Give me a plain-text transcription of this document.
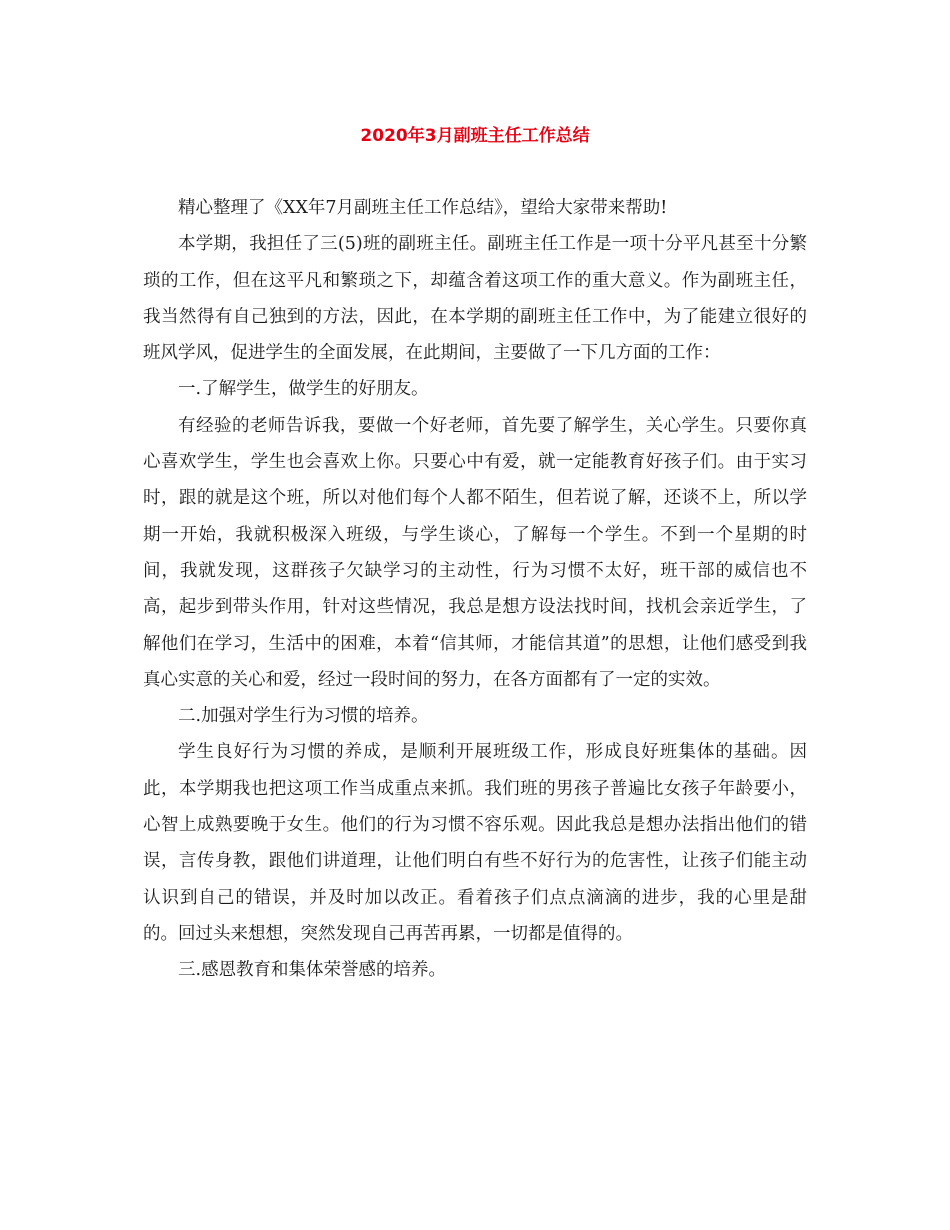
2020年3月副班主任工作总结

精心整理了《XX年7月副班主任工作总结》，望给大家带来帮助!

本学期，我担任了三(5)班的副班主任。副班主任工作是一项十分平凡甚至十分繁琐的工作，但在这平凡和繁琐之下，却蕴含着这项工作的重大意义。作为副班主任，我当然得有自己独到的方法，因此，在本学期的副班主任工作中，为了能建立很好的班风学风，促进学生的全面发展，在此期间，主要做了一下几方面的工作：

一.了解学生，做学生的好朋友。

有经验的老师告诉我，要做一个好老师，首先要了解学生，关心学生。只要你真心喜欢学生，学生也会喜欢上你。只要心中有爱，就一定能教育好孩子们。由于实习时，跟的就是这个班，所以对他们每个人都不陌生，但若说了解，还谈不上，所以学期一开始，我就积极深入班级，与学生谈心，了解每一个学生。不到一个星期的时间，我就发现，这群孩子欠缺学习的主动性，行为习惯不太好，班干部的威信也不高，起步到带头作用，针对这些情况，我总是想方设法找时间，找机会亲近学生，了解他们在学习，生活中的困难，本着“信其师，才能信其道”的思想，让他们感受到我真心实意的关心和爱，经过一段时间的努力，在各方面都有了一定的实效。

二.加强对学生行为习惯的培养。

学生良好行为习惯的养成，是顺利开展班级工作，形成良好班集体的基础。因此，本学期我也把这项工作当成重点来抓。我们班的男孩子普遍比女孩子年龄要小，心智上成熟要晚于女生。他们的行为习惯不容乐观。因此我总是想办法指出他们的错误，言传身教，跟他们讲道理，让他们明白有些不好行为的危害性，让孩子们能主动认识到自己的错误，并及时加以改正。看着孩子们点点滴滴的进步，我的心里是甜的。回过头来想想，突然发现自己再苦再累，一切都是值得的。

三.感恩教育和集体荣誉感的培养。
